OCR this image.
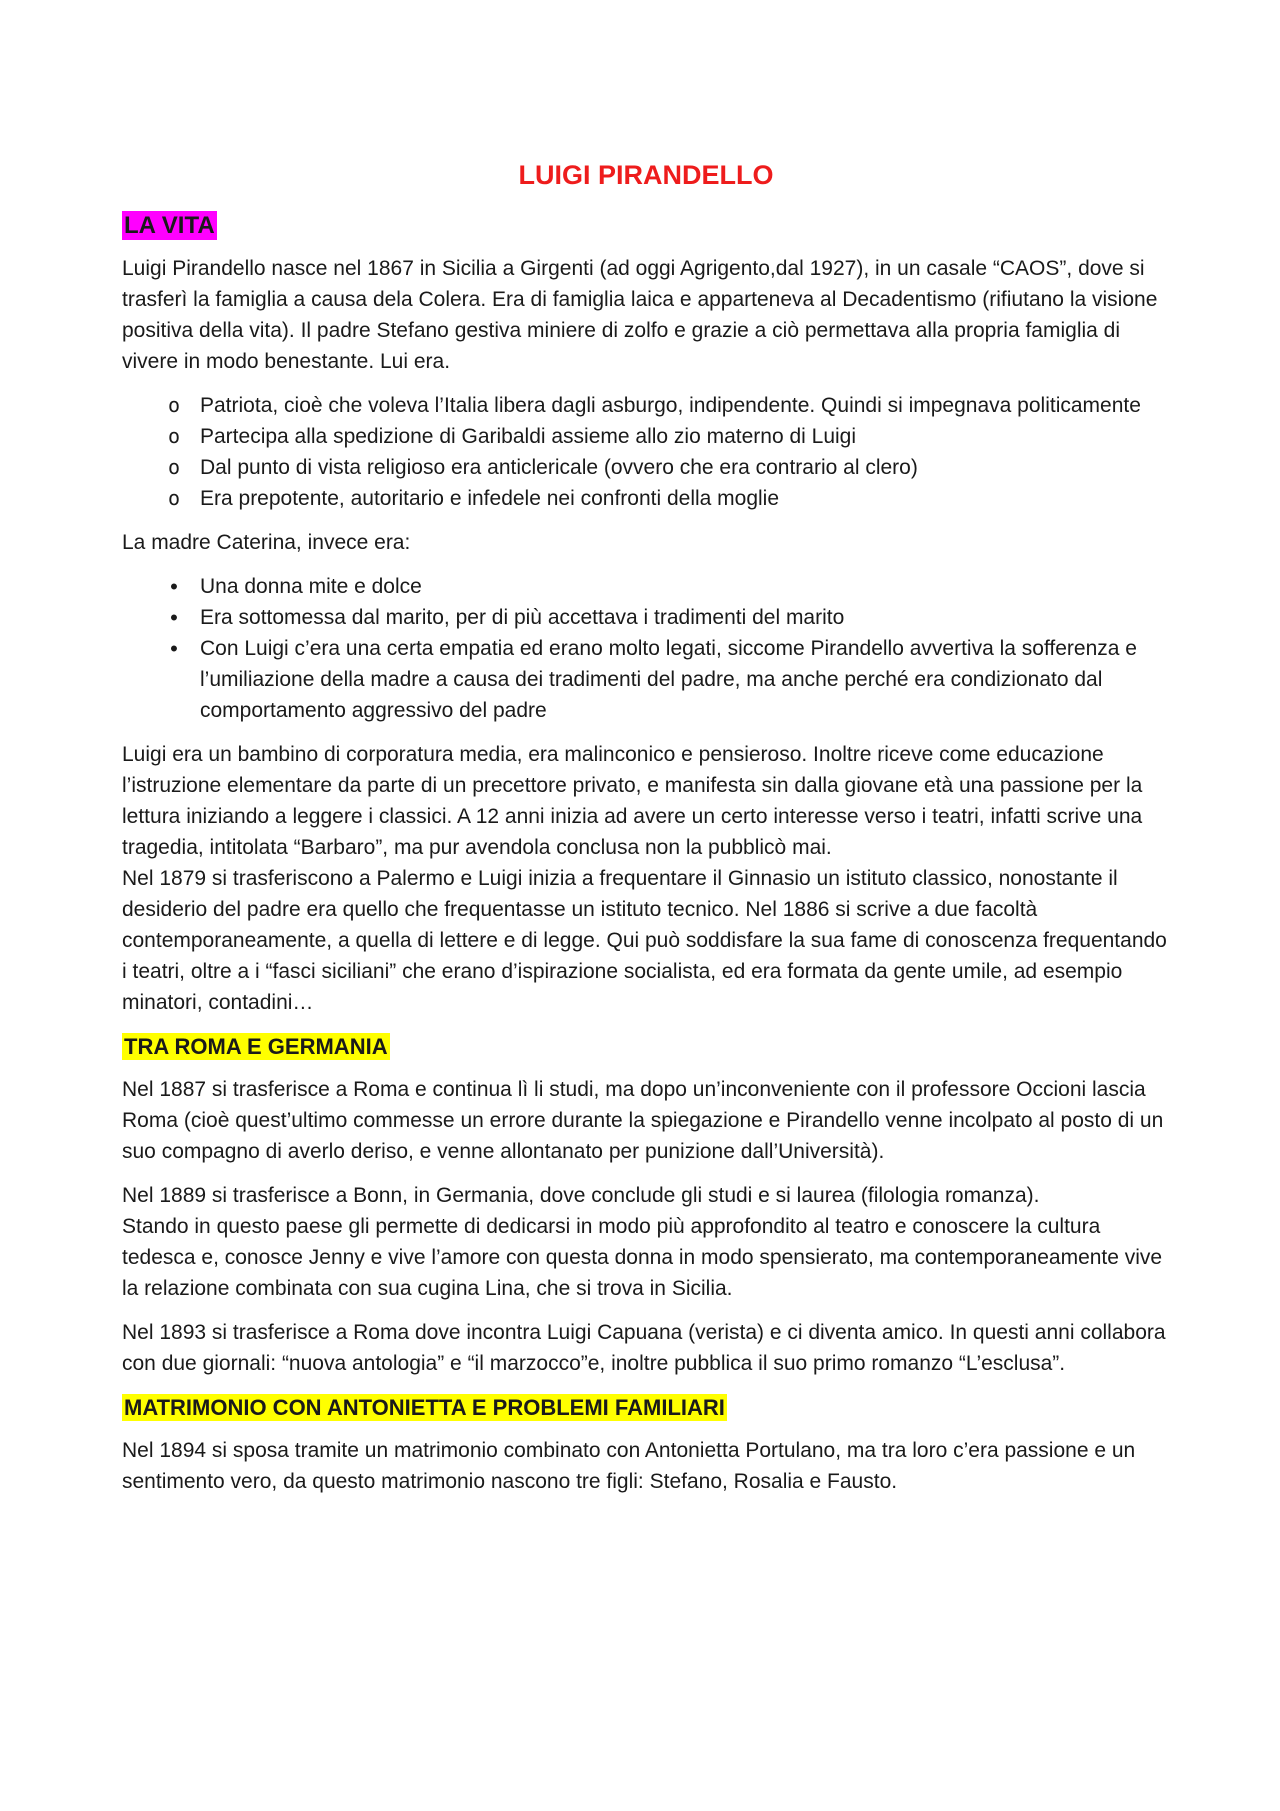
LUIGI PIRANDELLO
LA VITA

Luigi Pirandello nasce nel 1867 in Sicilia a Girgenti (ad oggi Agrigento,dal 1927), in un casale “CAOS”, dove si trasferì la famiglia a causa dela Colera. Era di famiglia laica e apparteneva al Decadentismo (rifiutano la visione positiva della vita). Il padre Stefano gestiva miniere di zolfo e grazie a ciò permettava alla propria famiglia di vivere in modo benestante. Lui era.

o Patriota, cioè che voleva l’Italia libera dagli asburgo, indipendente. Quindi si impegnava politicamente
o Partecipa alla spedizione di Garibaldi assieme allo zio materno di Luigi
o Dal punto di vista religioso era anticlericale (ovvero che era contrario al clero)
o Era prepotente, autoritario e infedele nei confronti della moglie

La madre Caterina, invece era:

• Una donna mite e dolce
• Era sottomessa dal marito, per di più accettava i tradimenti del marito
• Con Luigi c’era una certa empatia ed erano molto legati, siccome Pirandello avvertiva la sofferenza e l’umiliazione della madre a causa dei tradimenti del padre, ma anche perché era condizionato dal comportamento aggressivo del padre

Luigi era un bambino di corporatura media, era malinconico e pensieroso. Inoltre riceve come educazione l’istruzione elementare da parte di un precettore privato, e manifesta sin dalla giovane età una passione per la lettura iniziando a leggere i classici. A 12 anni inizia ad avere un certo interesse verso i teatri, infatti scrive una tragedia, intitolata “Barbaro”, ma pur avendola conclusa non la pubblicò mai.

Nel 1879 si trasferiscono a Palermo e Luigi inizia a frequentare il Ginnasio un istituto classico, nonostante il desiderio del padre era quello che frequentasse un istituto tecnico. Nel 1886 si scrive a due facoltà contemporaneamente, a quella di lettere e di legge. Qui può soddisfare la sua fame di conoscenza frequentando i teatri, oltre a i “fasci siciliani” che erano d’ispirazione socialista, ed era formata da gente umile, ad esempio minatori, contadini…

TRA ROMA E GERMANIA

Nel 1887 si trasferisce a Roma e continua lì li studi, ma dopo un’inconveniente con il professore Occioni lascia Roma (cioè quest’ultimo commesse un errore durante la spiegazione e Pirandello venne incolpato al posto di un suo compagno di averlo deriso, e venne allontanato per punizione dall’Università).

Nel 1889 si trasferisce a Bonn, in Germania, dove conclude gli studi e si laurea (filologia romanza).

Stando in questo paese gli permette di dedicarsi in modo più approfondito al teatro e conoscere la cultura tedesca e, conosce Jenny e vive l’amore con questa donna in modo spensierato, ma contemporaneamente vive la relazione combinata con sua cugina Lina, che si trova in Sicilia.

Nel 1893 si trasferisce a Roma dove incontra Luigi Capuana (verista) e ci diventa amico. In questi anni collabora con due giornali: “nuova antologia” e “il marzocco”e, inoltre pubblica il suo primo romanzo “L’esclusa”.

MATRIMONIO CON ANTONIETTA E PROBLEMI FAMILIARI

Nel 1894 si sposa tramite un matrimonio combinato con Antonietta Portulano, ma tra loro c’era passione e un sentimento vero, da questo matrimonio nascono tre figli: Stefano, Rosalia e Fausto.
